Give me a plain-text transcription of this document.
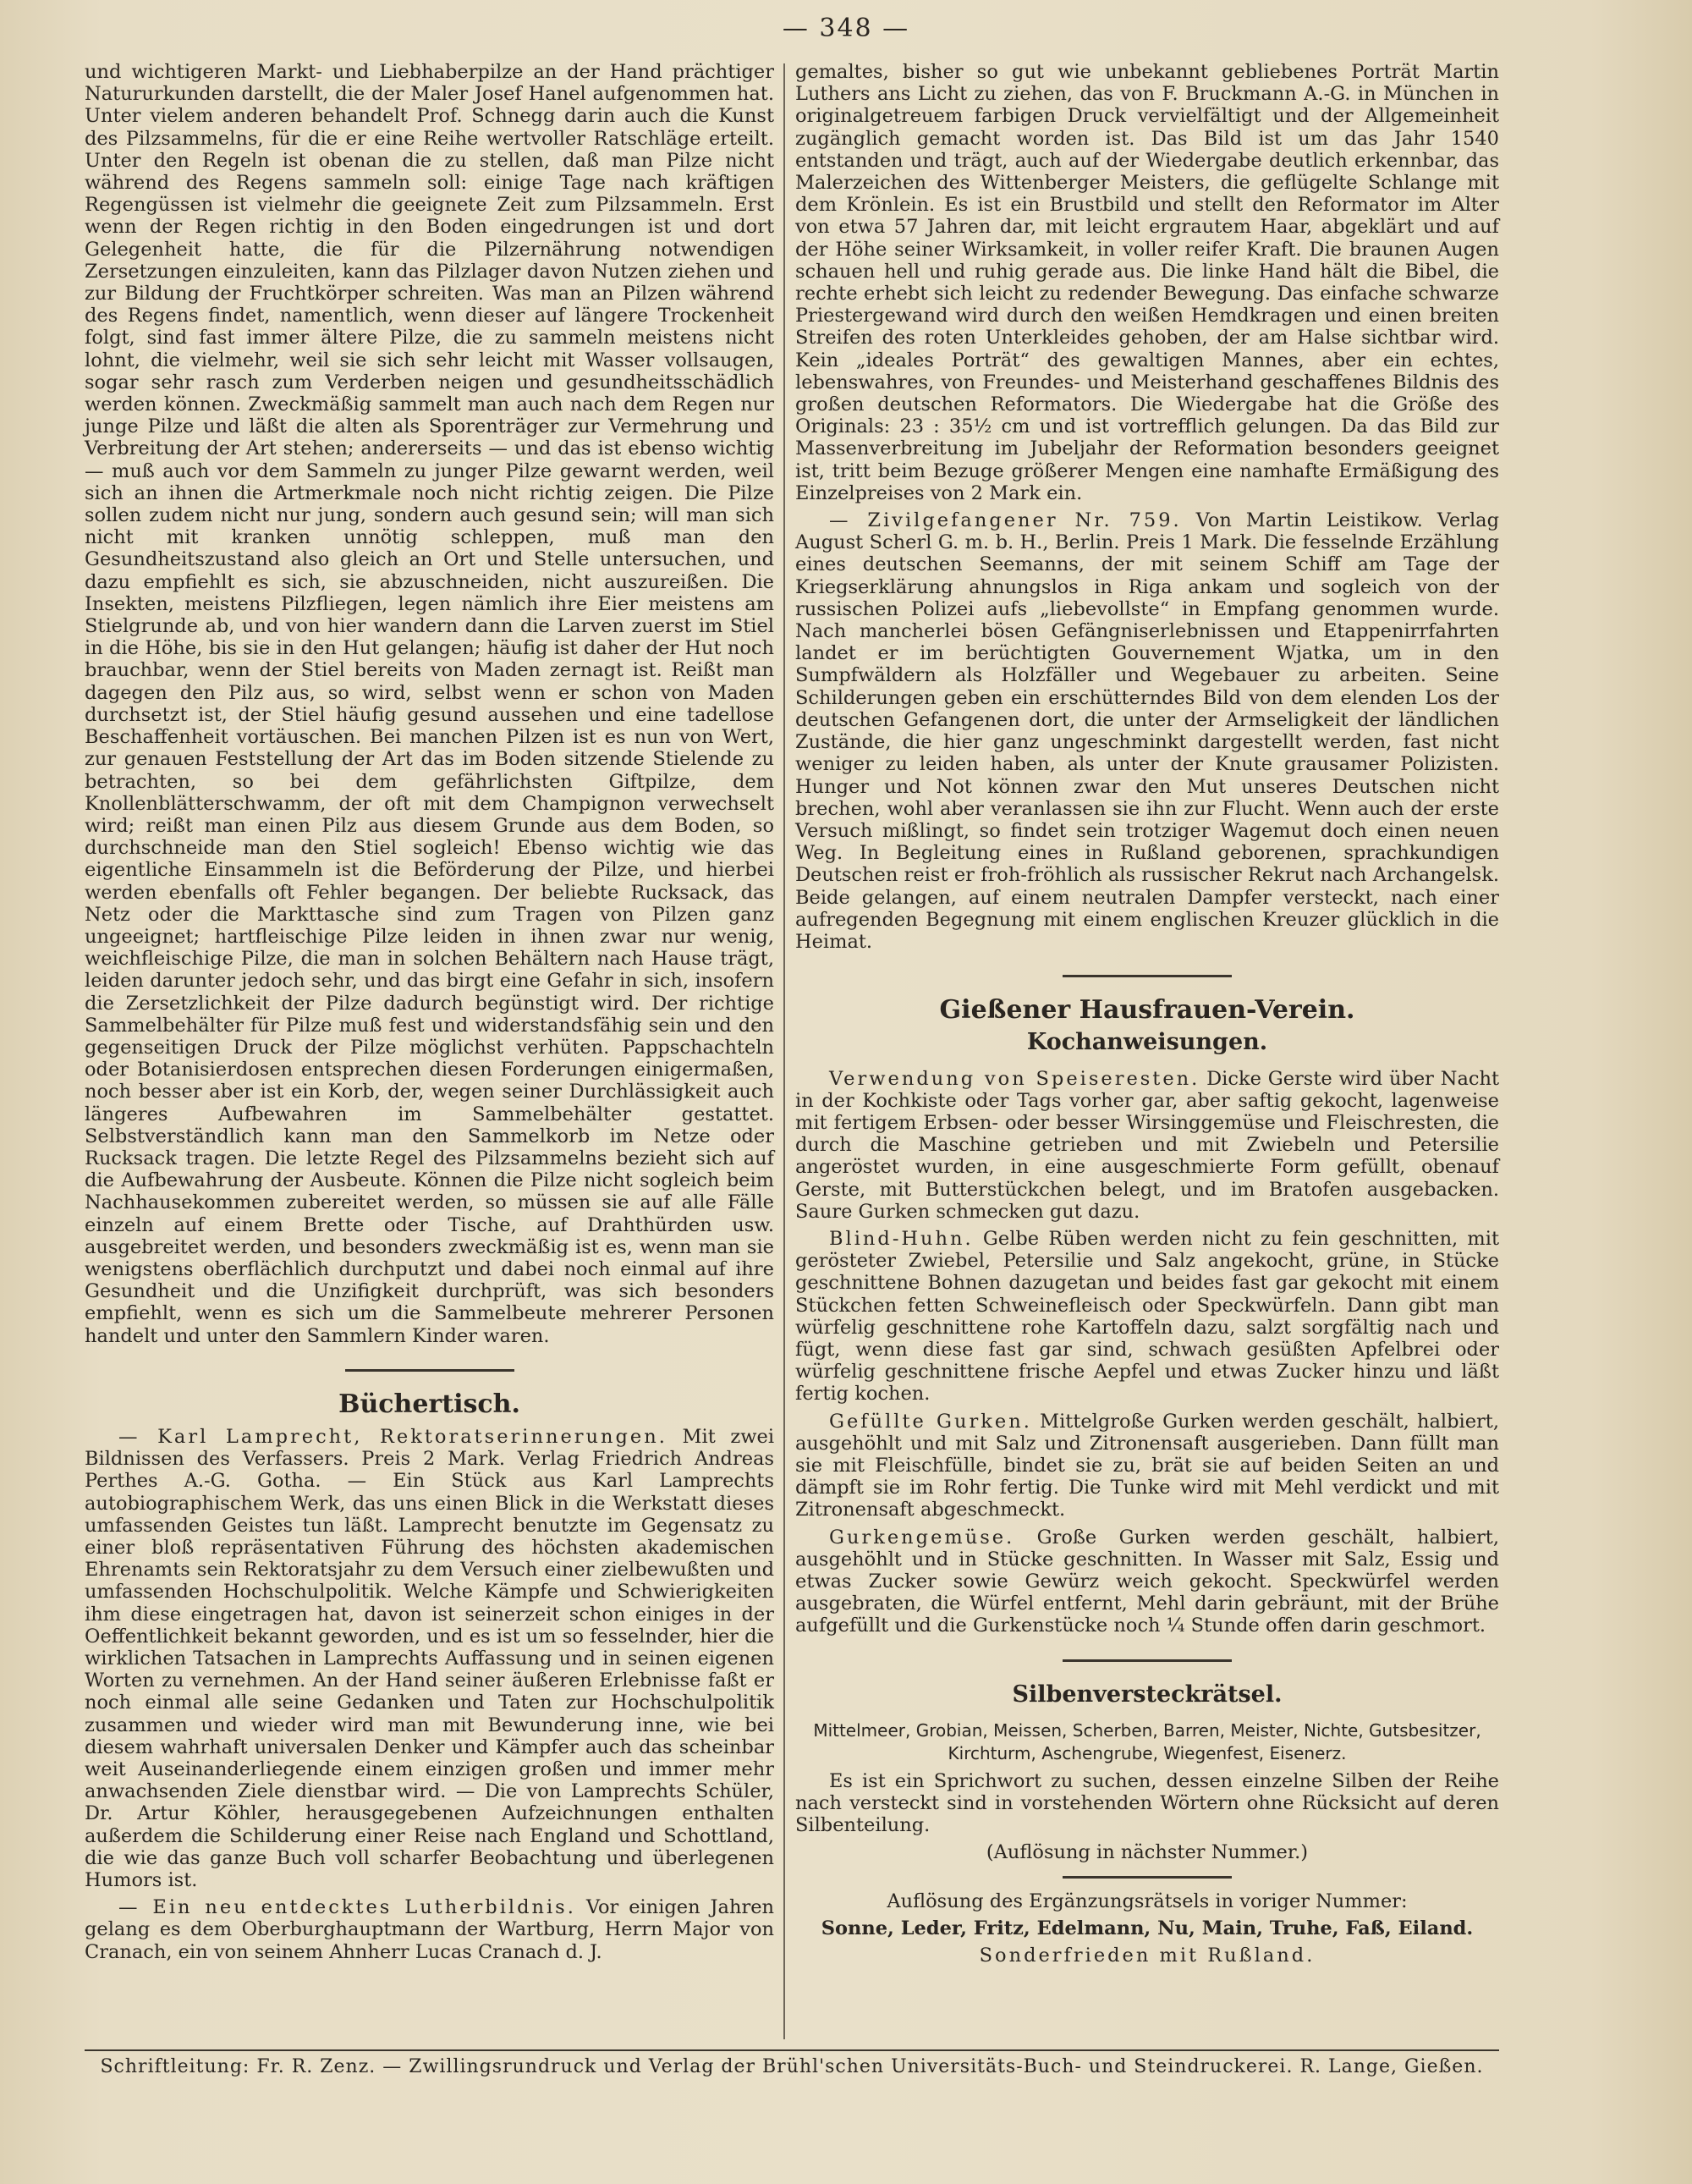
— 348 —

und wichtigeren Markt- und Liebhaberpilze an der Hand prächtiger Natururkunden darstellt, die der Maler Josef Hanel aufgenommen hat. Unter vielem anderen behandelt Prof. Schnegg darin auch die Kunst des Pilzsammelns, für die er eine Reihe wertvoller Ratschläge erteilt. Unter den Regeln ist obenan die zu stellen, daß man Pilze nicht während des Regens sammeln soll: einige Tage nach kräftigen Regengüssen ist vielmehr die geeignete Zeit zum Pilzsammeln. Erst wenn der Regen richtig in den Boden eingedrungen ist und dort Gelegenheit hatte, die für die Pilzernährung notwendigen Zersetzungen einzuleiten, kann das Pilzlager davon Nutzen ziehen und zur Bildung der Fruchtkörper schreiten. Was man an Pilzen während des Regens findet, namentlich, wenn dieser auf längere Trockenheit folgt, sind fast immer ältere Pilze, die zu sammeln meistens nicht lohnt, die vielmehr, weil sie sich sehr leicht mit Wasser vollsaugen, sogar sehr rasch zum Verderben neigen und gesundheitsschädlich werden können. Zweckmäßig sammelt man auch nach dem Regen nur junge Pilze und läßt die alten als Sporenträger zur Vermehrung und Verbreitung der Art stehen; andererseits — und das ist ebenso wichtig — muß auch vor dem Sammeln zu junger Pilze gewarnt werden, weil sich an ihnen die Artmerkmale noch nicht richtig zeigen. Die Pilze sollen zudem nicht nur jung, sondern auch gesund sein; will man sich nicht mit kranken unnötig schleppen, muß man den Gesundheitszustand also gleich an Ort und Stelle untersuchen, und dazu empfiehlt es sich, sie abzuschneiden, nicht auszureißen. Die Insekten, meistens Pilzfliegen, legen nämlich ihre Eier meistens am Stielgrunde ab, und von hier wandern dann die Larven zuerst im Stiel in die Höhe, bis sie in den Hut gelangen; häufig ist daher der Hut noch brauchbar, wenn der Stiel bereits von Maden zernagt ist. Reißt man dagegen den Pilz aus, so wird, selbst wenn er schon von Maden durchsetzt ist, der Stiel häufig gesund aussehen und eine tadellose Beschaffenheit vortäuschen. Bei manchen Pilzen ist es nun von Wert, zur genauen Feststellung der Art das im Boden sitzende Stielende zu betrachten, so bei dem gefährlichsten Giftpilze, dem Knollenblätterschwamm, der oft mit dem Champignon verwechselt wird; reißt man einen Pilz aus diesem Grunde aus dem Boden, so durchschneide man den Stiel sogleich! Ebenso wichtig wie das eigentliche Einsammeln ist die Beförderung der Pilze, und hierbei werden ebenfalls oft Fehler begangen. Der beliebte Rucksack, das Netz oder die Markttasche sind zum Tragen von Pilzen ganz ungeeignet; hartfleischige Pilze leiden in ihnen zwar nur wenig, weichfleischige Pilze, die man in solchen Behältern nach Hause trägt, leiden darunter jedoch sehr, und das birgt eine Gefahr in sich, insofern die Zersetzlichkeit der Pilze dadurch begünstigt wird. Der richtige Sammelbehälter für Pilze muß fest und widerstandsfähig sein und den gegenseitigen Druck der Pilze möglichst verhüten. Pappschachteln oder Botanisierdosen entsprechen diesen Forderungen einigermaßen, noch besser aber ist ein Korb, der, wegen seiner Durchlässigkeit auch längeres Aufbewahren im Sammelbehälter gestattet. Selbstverständlich kann man den Sammelkorb im Netze oder Rucksack tragen. Die letzte Regel des Pilzsammelns bezieht sich auf die Aufbewahrung der Ausbeute. Können die Pilze nicht sogleich beim Nachhausekommen zubereitet werden, so müssen sie auf alle Fälle einzeln auf einem Brette oder Tische, auf Drahthürden usw. ausgebreitet werden, und besonders zweckmäßig ist es, wenn man sie wenigstens oberflächlich durchputzt und dabei noch einmal auf ihre Gesundheit und die Unzifigkeit durchprüft, was sich besonders empfiehlt, wenn es sich um die Sammelbeute mehrerer Personen handelt und unter den Sammlern Kinder waren.

Büchertisch.

— Karl Lamprecht, Rektoratserinnerungen. Mit zwei Bildnissen des Verfassers. Preis 2 Mark. Verlag Friedrich Andreas Perthes A.-G. Gotha. — Ein Stück aus Karl Lamprechts autobiographischem Werk, das uns einen Blick in die Werkstatt dieses umfassenden Geistes tun läßt. Lamprecht benutzte im Gegensatz zu einer bloß repräsentativen Führung des höchsten akademischen Ehrenamts sein Rektoratsjahr zu dem Versuch einer zielbewußten und umfassenden Hochschulpolitik. Welche Kämpfe und Schwierigkeiten ihm diese eingetragen hat, davon ist seinerzeit schon einiges in der Oeffentlichkeit bekannt geworden, und es ist um so fesselnder, hier die wirklichen Tatsachen in Lamprechts Auffassung und in seinen eigenen Worten zu vernehmen. An der Hand seiner äußeren Erlebnisse faßt er noch einmal alle seine Gedanken und Taten zur Hochschulpolitik zusammen und wieder wird man mit Bewunderung inne, wie bei diesem wahrhaft universalen Denker und Kämpfer auch das scheinbar weit Auseinanderliegende einem einzigen großen und immer mehr anwachsenden Ziele dienstbar wird. — Die von Lamprechts Schüler, Dr. Artur Köhler, herausgegebenen Aufzeichnungen enthalten außerdem die Schilderung einer Reise nach England und Schottland, die wie das ganze Buch voll scharfer Beobachtung und überlegenen Humors ist.

— Ein neu entdecktes Lutherbildnis. Vor einigen Jahren gelang es dem Oberburghauptmann der Wartburg, Herrn Major von Cranach, ein von seinem Ahnherr Lucas Cranach d. J.

gemaltes, bisher so gut wie unbekannt gebliebenes Porträt Martin Luthers ans Licht zu ziehen, das von F. Bruckmann A.-G. in München in originalgetreuem farbigen Druck vervielfältigt und der Allgemeinheit zugänglich gemacht worden ist. Das Bild ist um das Jahr 1540 entstanden und trägt, auch auf der Wiedergabe deutlich erkennbar, das Malerzeichen des Wittenberger Meisters, die geflügelte Schlange mit dem Krönlein. Es ist ein Brustbild und stellt den Reformator im Alter von etwa 57 Jahren dar, mit leicht ergrautem Haar, abgeklärt und auf der Höhe seiner Wirksamkeit, in voller reifer Kraft. Die braunen Augen schauen hell und ruhig gerade aus. Die linke Hand hält die Bibel, die rechte erhebt sich leicht zu redender Bewegung. Das einfache schwarze Priestergewand wird durch den weißen Hemdkragen und einen breiten Streifen des roten Unterkleides gehoben, der am Halse sichtbar wird. Kein „ideales Porträt“ des gewaltigen Mannes, aber ein echtes, lebenswahres, von Freundes- und Meisterhand geschaffenes Bildnis des großen deutschen Reformators. Die Wiedergabe hat die Größe des Originals: 23 : 35½ cm und ist vortrefflich gelungen. Da das Bild zur Massenverbreitung im Jubeljahr der Reformation besonders geeignet ist, tritt beim Bezuge größerer Mengen eine namhafte Ermäßigung des Einzelpreises von 2 Mark ein.

— Zivilgefangener Nr. 759. Von Martin Leistikow. Verlag August Scherl G. m. b. H., Berlin. Preis 1 Mark. Die fesselnde Erzählung eines deutschen Seemanns, der mit seinem Schiff am Tage der Kriegserklärung ahnungslos in Riga ankam und sogleich von der russischen Polizei aufs „liebevollste“ in Empfang genommen wurde. Nach mancherlei bösen Gefängniserlebnissen und Etappenirrfahrten landet er im berüchtigten Gouvernement Wjatka, um in den Sumpfwäldern als Holzfäller und Wegebauer zu arbeiten. Seine Schilderungen geben ein erschütterndes Bild von dem elenden Los der deutschen Gefangenen dort, die unter der Armseligkeit der ländlichen Zustände, die hier ganz ungeschminkt dargestellt werden, fast nicht weniger zu leiden haben, als unter der Knute grausamer Polizisten. Hunger und Not können zwar den Mut unseres Deutschen nicht brechen, wohl aber veranlassen sie ihn zur Flucht. Wenn auch der erste Versuch mißlingt, so findet sein trotziger Wagemut doch einen neuen Weg. In Begleitung eines in Rußland geborenen, sprachkundigen Deutschen reist er froh-fröhlich als russischer Rekrut nach Archangelsk. Beide gelangen, auf einem neutralen Dampfer versteckt, nach einer aufregenden Begegnung mit einem englischen Kreuzer glücklich in die Heimat.

Gießener Hausfrauen-Verein.
Kochanweisungen.

Verwendung von Speiseresten. Dicke Gerste wird über Nacht in der Kochkiste oder Tags vorher gar, aber saftig gekocht, lagenweise mit fertigem Erbsen- oder besser Wirsinggemüse und Fleischresten, die durch die Maschine getrieben und mit Zwiebeln und Petersilie angeröstet wurden, in eine ausgeschmierte Form gefüllt, obenauf Gerste, mit Butterstückchen belegt, und im Bratofen ausgebacken. Saure Gurken schmecken gut dazu.

Blind-Huhn. Gelbe Rüben werden nicht zu fein geschnitten, mit gerösteter Zwiebel, Petersilie und Salz angekocht, grüne, in Stücke geschnittene Bohnen dazugetan und beides fast gar gekocht mit einem Stückchen fetten Schweinefleisch oder Speckwürfeln. Dann gibt man würfelig geschnittene rohe Kartoffeln dazu, salzt sorgfältig nach und fügt, wenn diese fast gar sind, schwach gesüßten Apfelbrei oder würfelig geschnittene frische Aepfel und etwas Zucker hinzu und läßt fertig kochen.

Gefüllte Gurken. Mittelgroße Gurken werden geschält, halbiert, ausgehöhlt und mit Salz und Zitronensaft ausgerieben. Dann füllt man sie mit Fleischfülle, bindet sie zu, brät sie auf beiden Seiten an und dämpft sie im Rohr fertig. Die Tunke wird mit Mehl verdickt und mit Zitronensaft abgeschmeckt.

Gurkengemüse. Große Gurken werden geschält, halbiert, ausgehöhlt und in Stücke geschnitten. In Wasser mit Salz, Essig und etwas Zucker sowie Gewürz weich gekocht. Speckwürfel werden ausgebraten, die Würfel entfernt, Mehl darin gebräunt, mit der Brühe aufgefüllt und die Gurkenstücke noch ¼ Stunde offen darin geschmort.

Silbenversteckrätsel.

Mittelmeer, Grobian, Meissen, Scherben, Barren, Meister, Nichte, Gutsbesitzer, Kirchturm, Aschengrube, Wiegenfest, Eisenerz.

Es ist ein Sprichwort zu suchen, dessen einzelne Silben der Reihe nach versteckt sind in vorstehenden Wörtern ohne Rücksicht auf deren Silbenteilung.

(Auflösung in nächster Nummer.)

Auflösung des Ergänzungsrätsels in voriger Nummer:

Sonne, Leder, Fritz, Edelmann, Nu, Main, Truhe, Faß, Eiland.

Sonderfrieden mit Rußland.

Schriftleitung: Fr. R. Zenz. — Zwillingsrundruck und Verlag der Brühl'schen Universitäts-Buch- und Steindruckerei. R. Lange, Gießen.
